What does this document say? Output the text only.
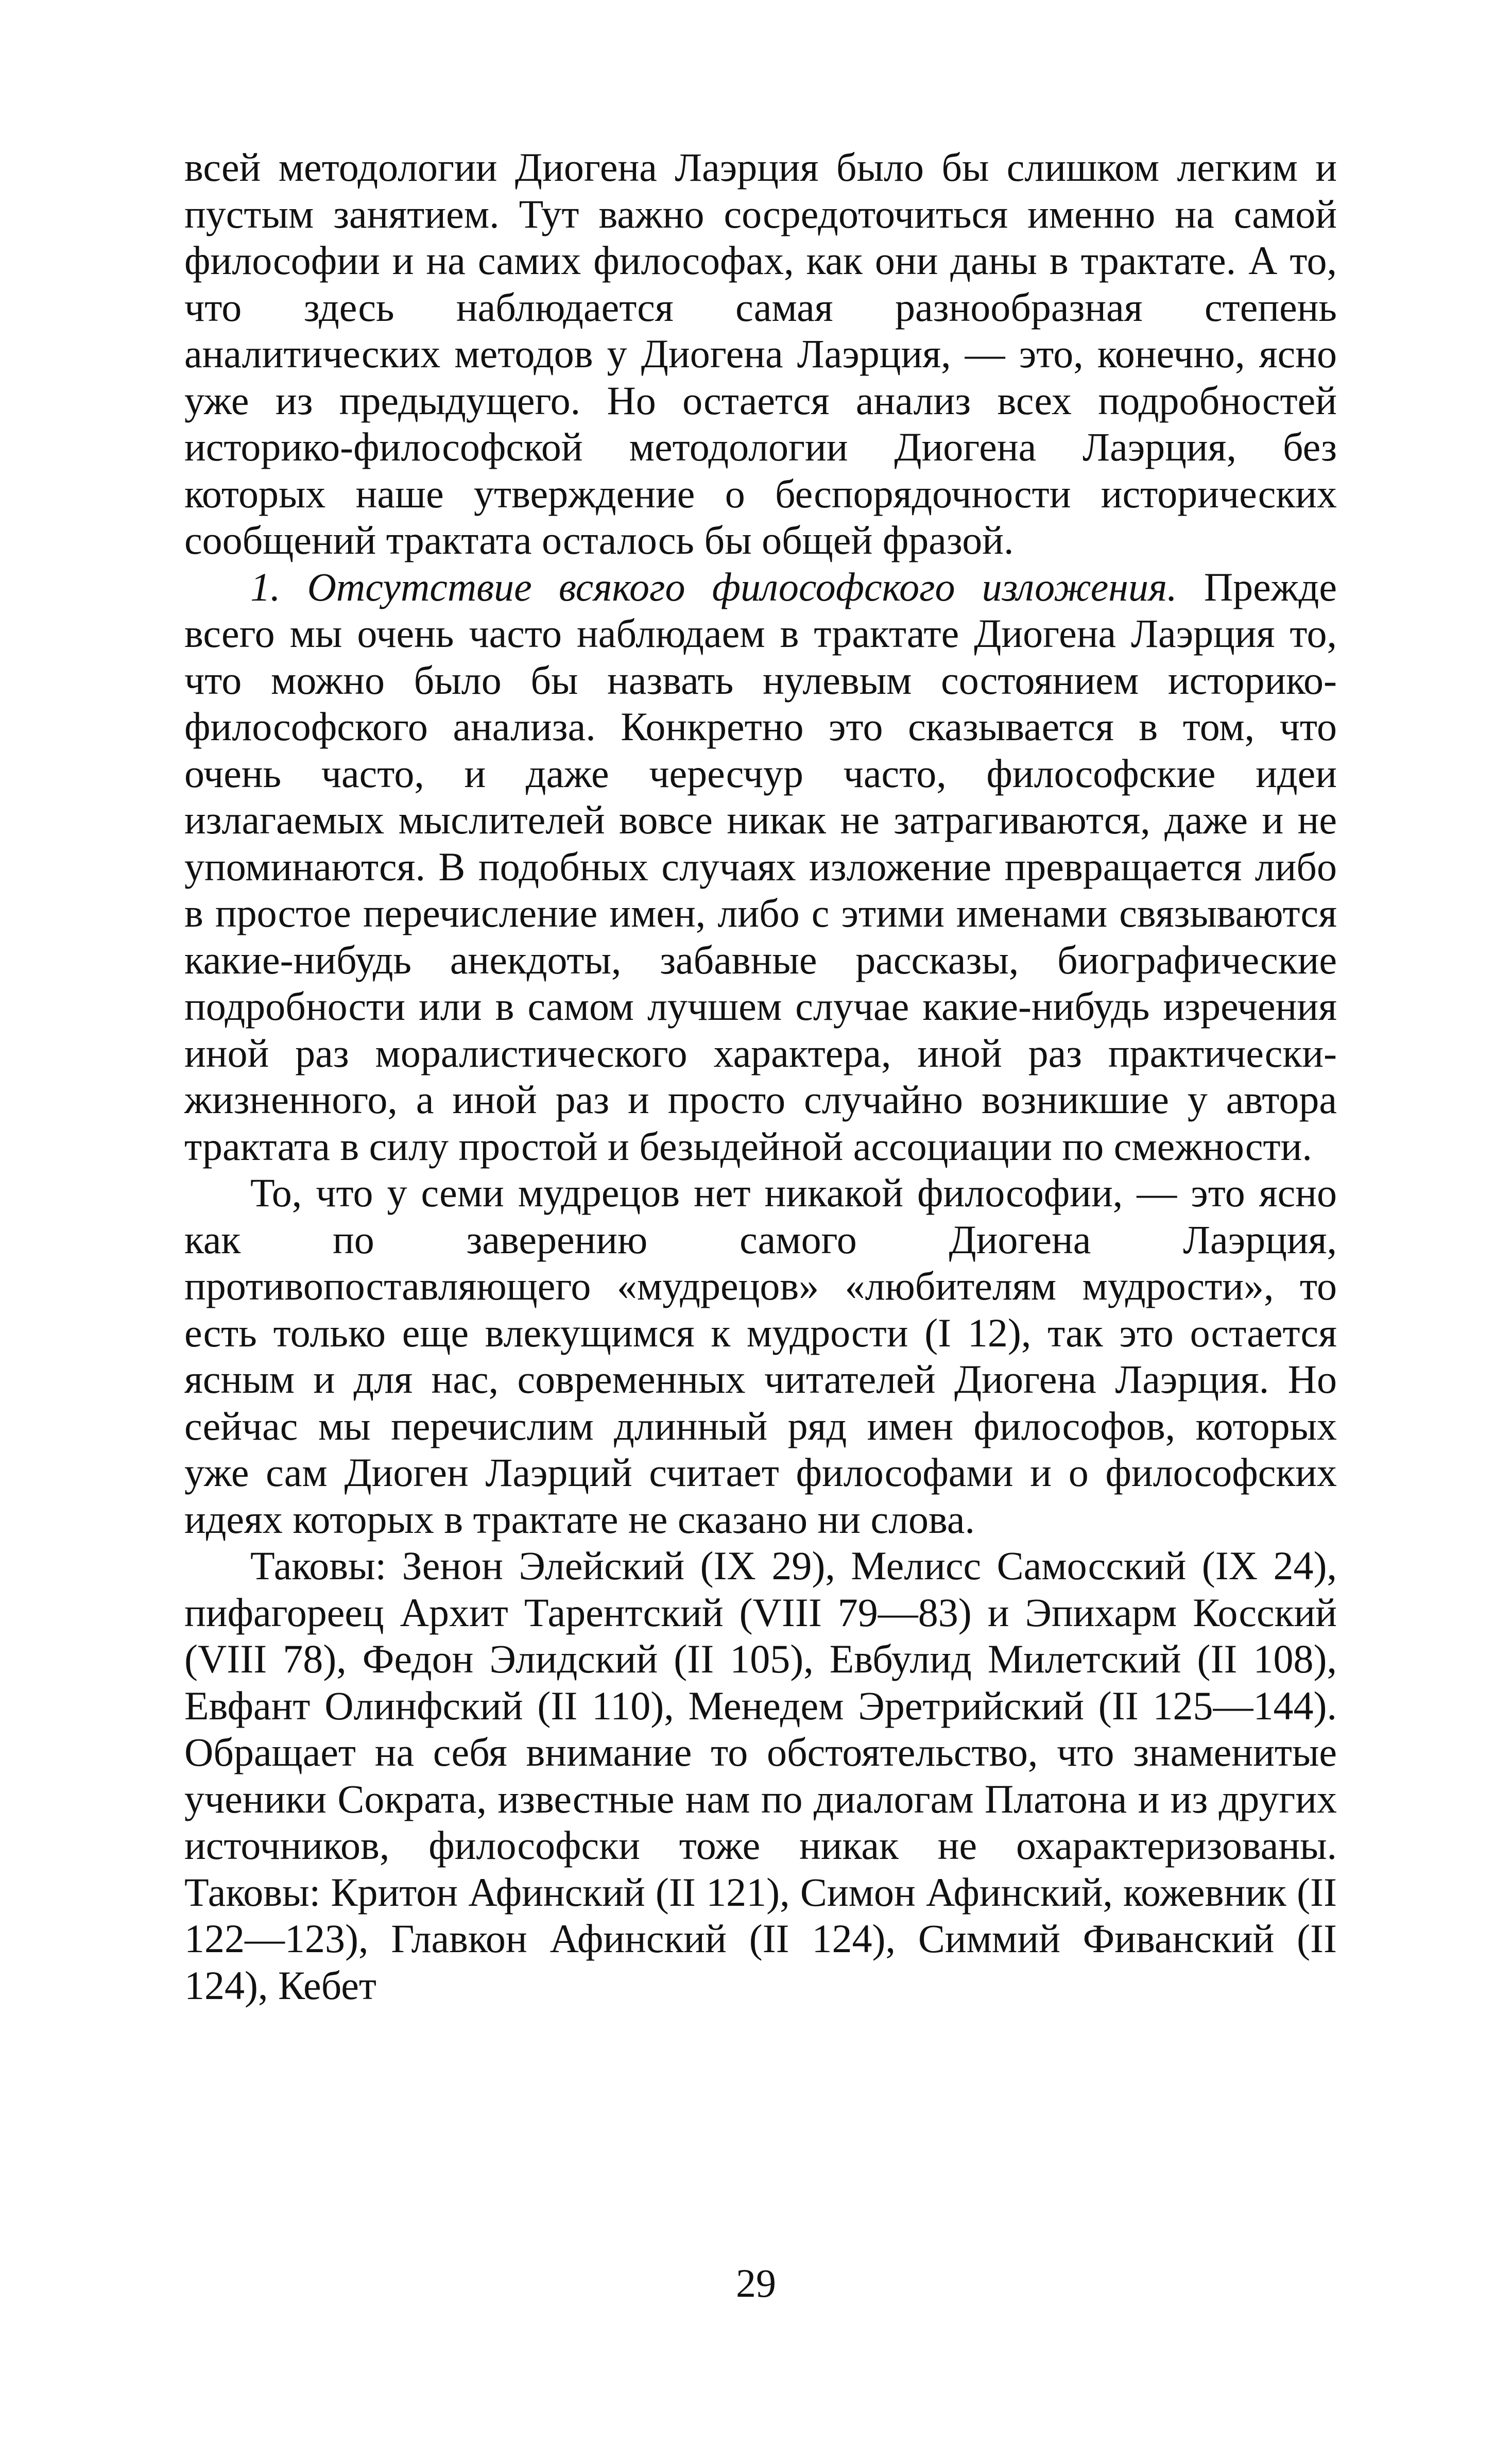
всей методологии Диогена Лаэрция было бы слишком легким и пустым занятием. Тут важно сосредоточиться именно на самой философии и на самих философах, как они даны в трактате. А то, что здесь наблюдается самая разнообразная степень аналитических методов у Диогена Лаэрция, — это, конечно, ясно уже из предыдущего. Но остается анализ всех подробностей историко-философской методологии Диогена Лаэрция, без которых наше утверждение о беспорядочности исторических сообщений трактата осталось бы общей фразой.

1. Отсутствие всякого философского изложения. Прежде всего мы очень часто наблюдаем в трактате Диогена Лаэрция то, что можно было бы назвать нулевым состоянием историко-философского анализа. Конкретно это сказывается в том, что очень часто, и даже чересчур часто, философские идеи излагаемых мыслителей вовсе никак не затрагиваются, даже и не упоминаются. В подобных случаях изложение превращается либо в простое перечисление имен, либо с этими именами связываются какие-нибудь анекдоты, забавные рассказы, биографические подробности или в самом лучшем случае какие-нибудь изречения иной раз моралистического характера, иной раз практически-жизненного, а иной раз и просто случайно возникшие у автора трактата в силу простой и безыдейной ассоциации по смежности.

То, что у семи мудрецов нет никакой философии, — это ясно как по заверению самого Диогена Лаэрция, противопоставляющего «мудрецов» «любителям мудрости», то есть только еще влекущимся к мудрости (I 12), так это остается ясным и для нас, современных читателей Диогена Лаэрция. Но сейчас мы перечислим длинный ряд имен философов, которых уже сам Диоген Лаэрций считает философами и о философских идеях которых в трактате не сказано ни слова.

Таковы: Зенон Элейский (IX 29), Мелисс Самосский (IX 24), пифагореец Архит Тарентский (VIII 79—83) и Эпихарм Косский (VIII 78), Федон Элидский (II 105), Евбулид Милетский (II 108), Евфант Олинфский (II 110), Менедем Эретрийский (II 125—144). Обращает на себя внимание то обстоятельство, что знаменитые ученики Сократа, известные нам по диалогам Платона и из других источников, философски тоже никак не охарактеризованы. Таковы: Критон Афинский (II 121), Симон Афинский, кожевник (II 122—123), Главкон Афинский (II 124), Симмий Фиванский (II 124), Кебет

29
